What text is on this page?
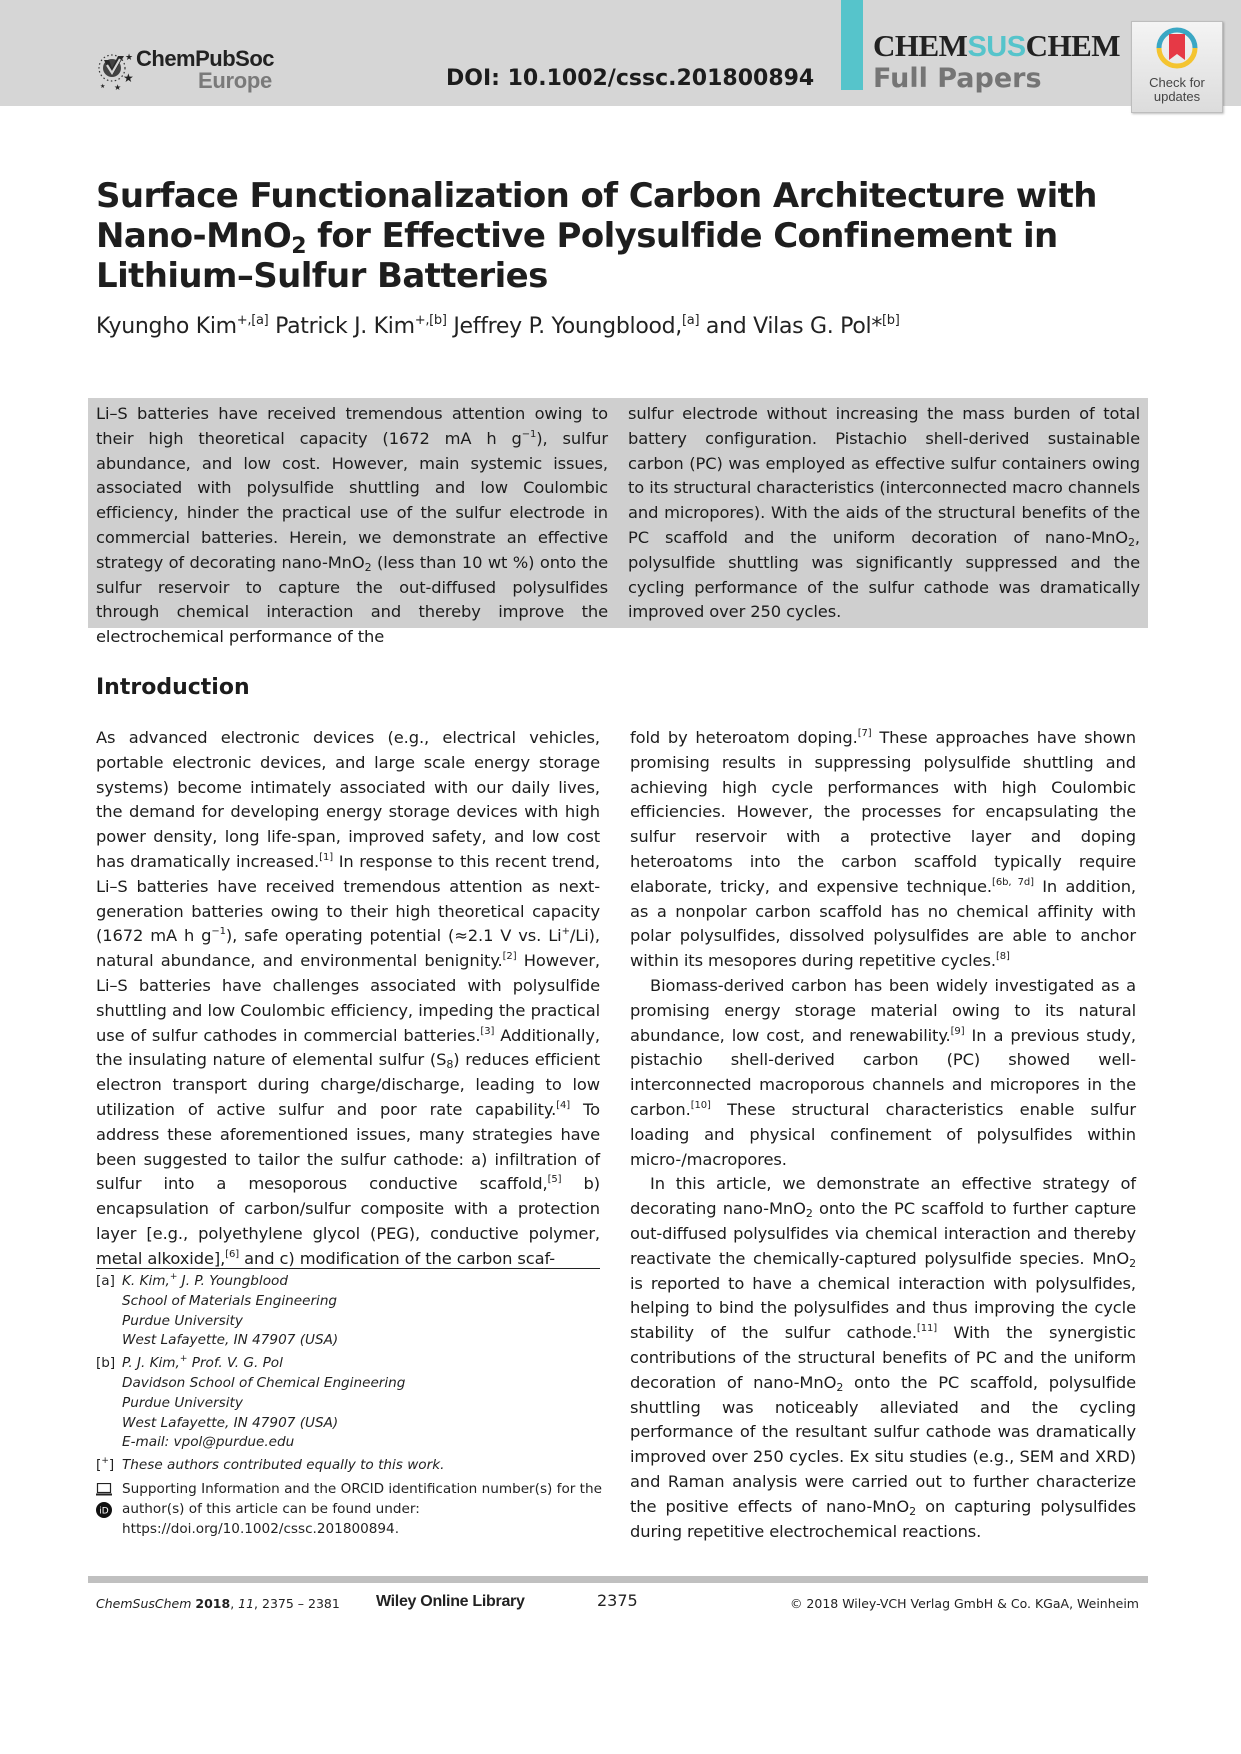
★
★
★
★
ChemPubSoc
Europe	DOI: 10.1002/cssc.201800894
CHEMSUSCHEM
Full Papers	Check for
updates
Surface Functionalization of Carbon Architecture with
Nano-MnO$_2$ for Effective Polysulfide Confinement in
Lithium–Sulfur Batteries
Kyungho Kim$^{+,[a]}$ Patrick J. Kim$^{+,[b]}$ Jeffrey P. Youngblood,[a] and Vilas G. Pol*[b]
Li–S batteries have received tremendous attention owing to their high theoretical capacity (1672 mA h $g^{-1}$), sulfur abundance, and low cost. However, main systemic issues, associated with polysulfide shuttling and low Coulombic efficiency, hinder the practical use of the sulfur electrode in commercial batteries. Herein, we demonstrate an effective strategy of decorating nano-MnO$_2$ (less than 10 wt %) onto the sulfur reservoir to capture the out-diffused polysulfides through chemical interaction and thereby improve the electrochemical performance of the
sulfur electrode without increasing the mass burden of total battery configuration. Pistachio shell-derived sustainable carbon (PC) was employed as effective sulfur containers owing to its structural characteristics (interconnected macro channels and micropores). With the aids of the structural benefits of the PC scaffold and the uniform decoration of nano-MnO$_2$, polysulfide shuttling was significantly suppressed and the cycling performance of the sulfur cathode was dramatically improved over 250 cycles.
Introduction

As advanced electronic devices (e.g., electrical vehicles, portable electronic devices, and large scale energy storage systems) become intimately associated with our daily lives, the demand for developing energy storage devices with high power density, long life-span, improved safety, and low cost has dramatically increased.[1] In response to this recent trend, Li–S batteries have received tremendous attention as next-generation batteries owing to their high theoretical capacity (1672 mA h $g^{-1}$), safe operating potential (≈2.1 V vs. Li+/Li), natural abundance, and environmental benignity.[2] However, Li–S batteries have challenges associated with polysulfide shuttling and low Coulombic efficiency, impeding the practical use of sulfur cathodes in commercial batteries.[3] Additionally, the insulating nature of elemental sulfur $(S_8)$ reduces efficient electron transport during charge/discharge, leading to low utilization of active sulfur and poor rate capability.[4] To address these aforementioned issues, many strategies have been suggested to tailor the sulfur cathode: a) infiltration of sulfur into a mesoporous conductive scaffold,[5] b) encapsulation of carbon/sulfur composite with a protection layer [e.g., polyethylene glycol (PEG), conductive polymer, metal alkoxide],[6] and c) modification of the carbon scaf-

fold by heteroatom doping.[7] These approaches have shown promising results in suppressing polysulfide shuttling and achieving high cycle performances with high Coulombic efficiencies. However, the processes for encapsulating the sulfur reservoir with a protective layer and doping heteroatoms into the carbon scaffold typically require elaborate, tricky, and expensive technique.[6b, 7d] In addition, as a nonpolar carbon scaffold has no chemical affinity with polar polysulfides, dissolved polysulfides are able to anchor within its mesopores during repetitive cycles.[8]

Biomass-derived carbon has been widely investigated as a promising energy storage material owing to its natural abundance, low cost, and renewability.[9] In a previous study, pistachio shell-derived carbon (PC) showed well-interconnected macroporous channels and micropores in the carbon.[10] These structural characteristics enable sulfur loading and physical confinement of polysulfides within micro-/macropores.

In this article, we demonstrate an effective strategy of decorating nano-MnO$_2$ onto the PC scaffold to further capture out-diffused polysulfides via chemical interaction and thereby reactivate the chemically-captured polysulfide species. MnO$_2$ is reported to have a chemical interaction with polysulfides, helping to bind the polysulfides and thus improving the cycle stability of the sulfur cathode.[11] With the synergistic contributions of the structural benefits of PC and the uniform decoration of nano-MnO$_2$ onto the PC scaffold, polysulfide shuttling was noticeably alleviated and the cycling performance of the resultant sulfur cathode was dramatically improved over 250 cycles. Ex situ studies (e.g., SEM and XRD) and Raman analysis were carried out to further characterize the positive effects of nano-MnO$_2$ on capturing polysulfides during repetitive electrochemical reactions.

[a] K. Kim,+ J. P. Youngblood
School of Materials Engineering
Purdue University
West Lafayette, IN 47907 (USA)
[b] P. J. Kim,+ Prof. V. G. Pol
Davidson School of Chemical Engineering
Purdue University
West Lafayette, IN 47907 (USA)
E-mail: vpol@purdue.edu
[+] These authors contributed equally to this work.
iD
Supporting Information and the ORCID identification number(s) for the
author(s) of this article can be found under:
https://doi.org/10.1002/cssc.201800894.
ChemSusChem 2018, 11, 2375 – 2381 Wiley Online Library	2375	© 2018 Wiley-VCH Verlag GmbH & Co. KGaA, Weinheim
